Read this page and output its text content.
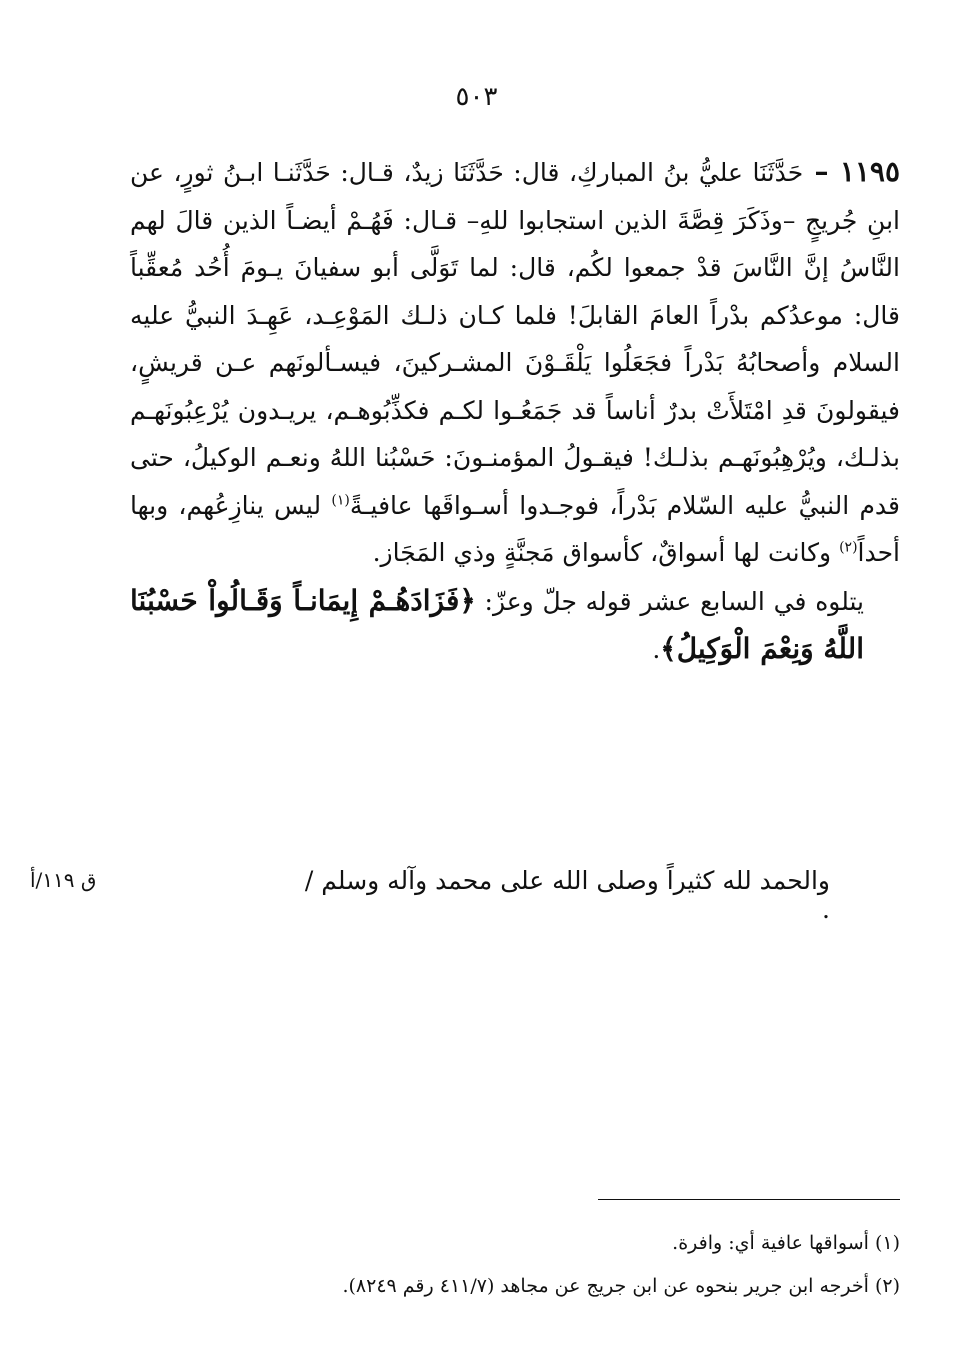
٥٠٣

١١٩٥ – حَدَّثَنَا عليُّ بنُ المباركِ، قال: حَدَّثَنَا زيدٌ، قـال: حَدَّثَنـا ابـنُ ثورٍ، عن ابنِ جُريجٍ –وذَكَرَ قِصَّةَ الذين استجابوا للهِ– قـال: فَهُـمْ أيضـاً الذين قالَ لهم النَّاسُ إنَّ النَّاسَ قدْ جمعوا لكُم، قال: لما تَوَلَّى أبو سفيانَ يـومَ أُحُد مُعقِّباً قال: موعدُكم بدْراً العامَ القابلَ! فلما كـان ذلـك المَوْعِـد، عَهِـدَ النبيُّ عليه السلام وأصحابُهُ بَدْراً فجَعَلُوا يَلْقَـوْنَ المشـركينَ، فيسـألونَهم عـن قريشٍ، فيقولونَ قدِ امْتَلأَتْ بدرٌ أناساً قد جَمَعُـوا لكـم فكذِّبُوهـم، يريـدون يُرْعِبُونَهـم بذلـك، ويُرْهِبُونَهـم بذلـك! فيقـولُ المؤمنـونَ: حَسْبُنا اللهُ ونعـم الوكيلُ، حتى قدم النبيُّ عليه السّلام بَدْراً، فوجـدوا أسـواقَها عافيـةً$^{(١)}$ ليس ينازِعُهم، وبها أحداً$^{(٢)}$ وكانت لها أسواقٌ، كأسواق مَجنَّةٍ وذي المَجَاز.

يتلوه في السابع عشر قوله جلّ وعزّ: ﴿فَزَادَهُـمْ إِيمَانـاً وَقَـالُواْ حَسْبُنَا اللَّهُ وَنِعْمَ الْوَكِيلُ﴾.

والحمد لله كثيراً وصلى الله على محمد وآله وسلم / .
ق ١١٩/أ
(١) أسواقها عافية أي: وافرة.
(٢) أخرجه ابن جرير بنحوه عن ابن جريج عن مجاهد (٤١١/٧ رقم ٨٢٤٩).
